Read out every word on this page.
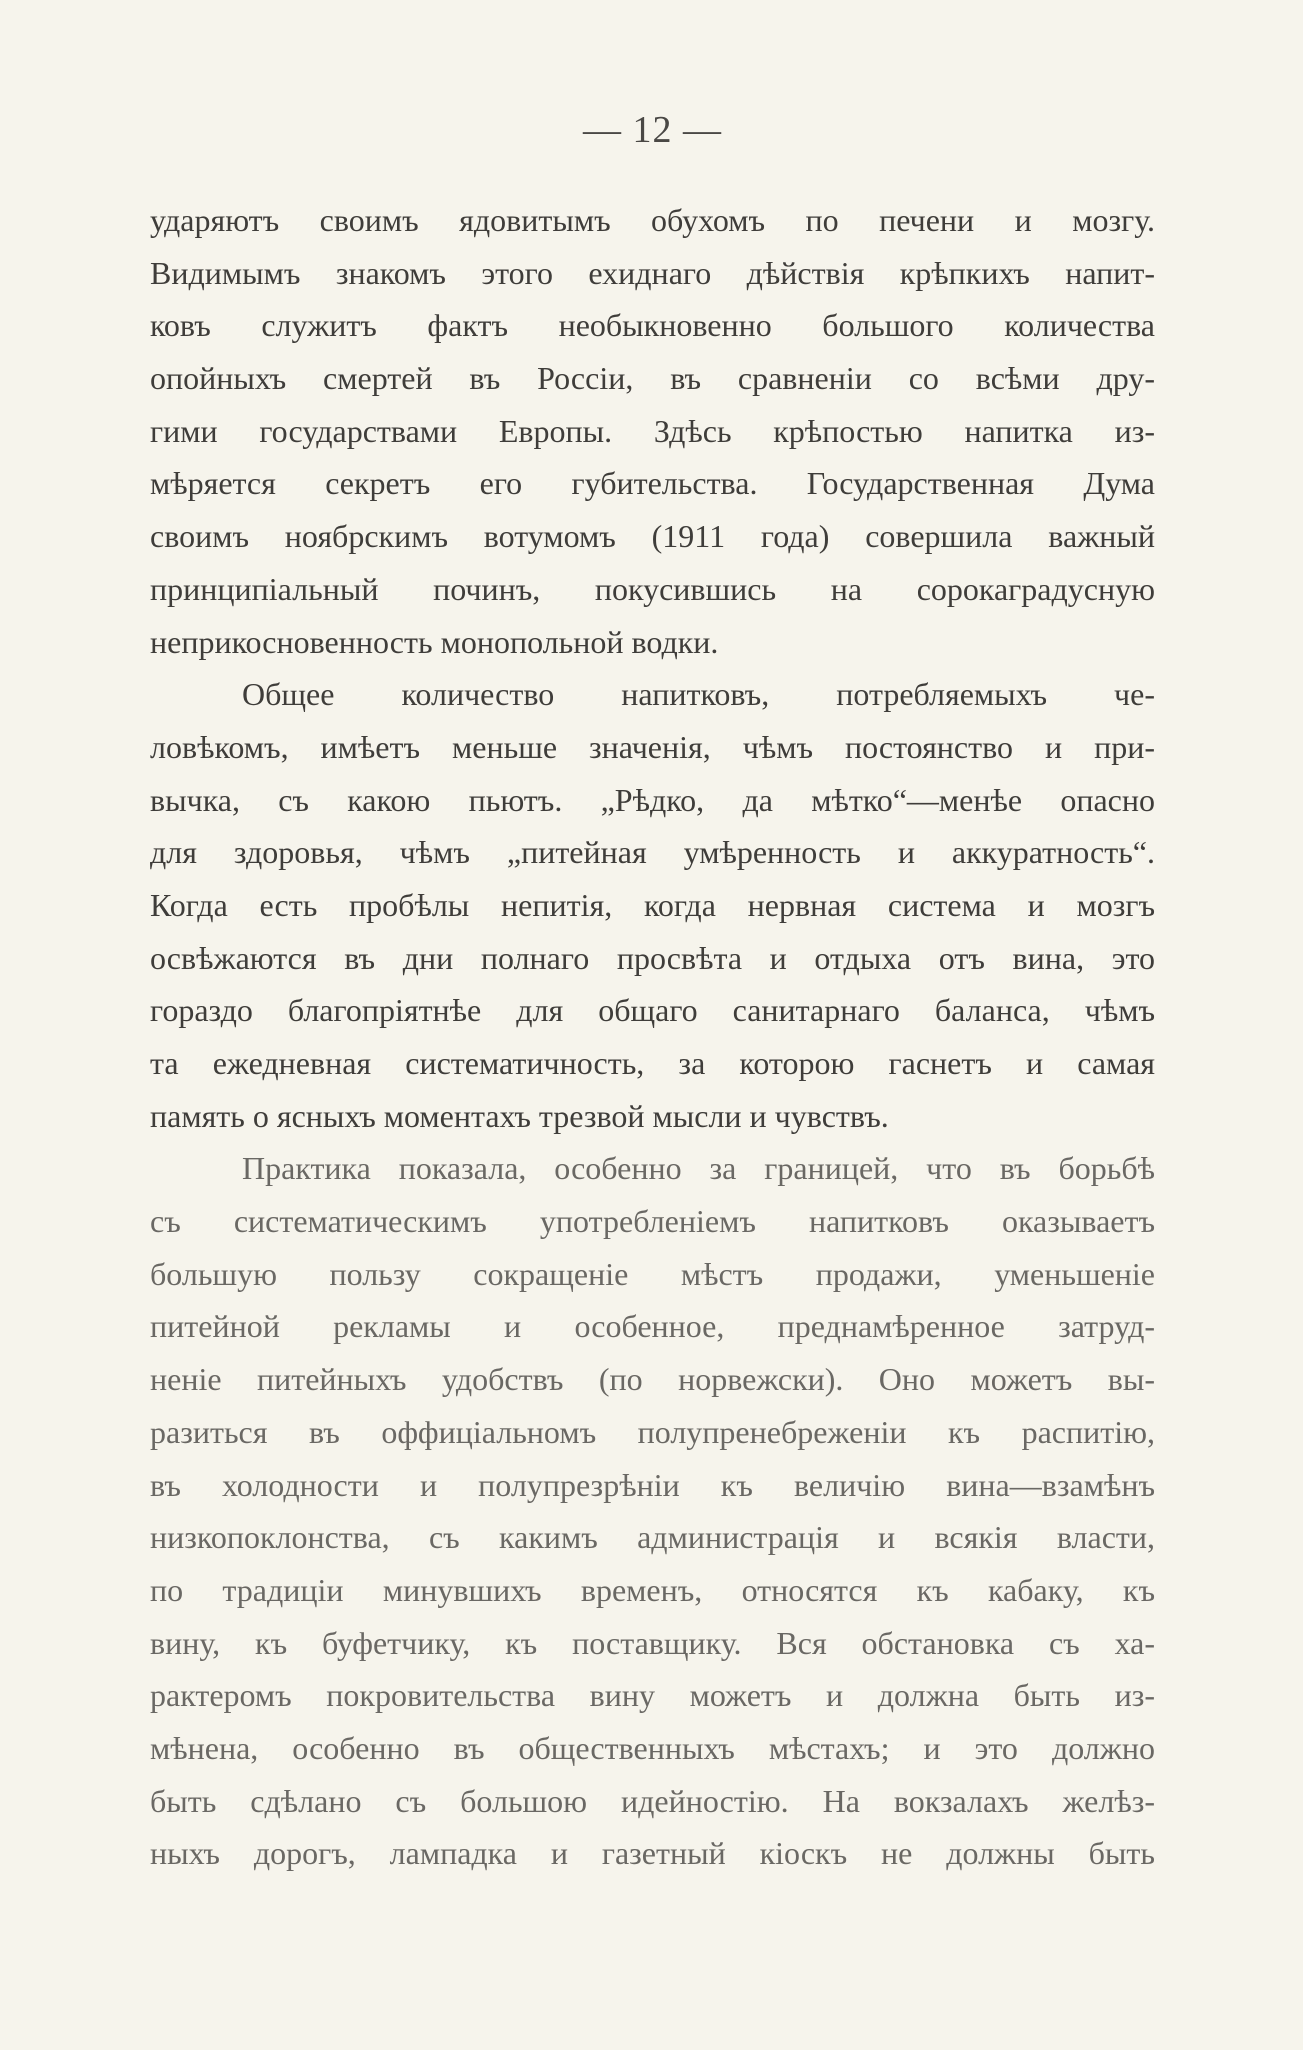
— 12 —
ударяютъ своимъ ядовитымъ обухомъ по печени и мозгу.
Видимымъ знакомъ этого ехиднаго дѣйствія крѣпкихъ напит-
ковъ служитъ фактъ необыкновенно большого количества
опойныхъ смертей въ Россіи, въ сравненіи со всѣми дру-
гими государствами Европы. Здѣсь крѣпостью напитка из-
мѣряется секретъ его губительства. Государственная Дума
своимъ ноябрскимъ вотумомъ (1911 года) совершила важный
принципіальный починъ, покусившись на сорокаградусную
неприкосновенность монопольной водки.
Общее количество напитковъ, потребляемыхъ че-
ловѣкомъ, имѣетъ меньше значенія, чѣмъ постоянство и при-
вычка, съ какою пьютъ. „Рѣдко, да мѣтко“—менѣе опасно
для здоровья, чѣмъ „питейная умѣренность и аккуратность“.
Когда есть пробѣлы непитія, когда нервная система и мозгъ
освѣжаются въ дни полнаго просвѣта и отдыха отъ вина, это
гораздо благопріятнѣе для общаго санитарнаго баланса, чѣмъ
та ежедневная систематичность, за которою гаснетъ и самая
память о ясныхъ моментахъ трезвой мысли и чувствъ.
Практика показала, особенно за границей, что въ борьбѣ
съ систематическимъ употребленіемъ напитковъ оказываетъ
большую пользу сокращеніе мѣстъ продажи, уменьшеніе
питейной рекламы и особенное, преднамѣренное затруд-
неніе питейныхъ удобствъ (по норвежски). Оно можетъ вы-
разиться въ оффиціальномъ полупренебреженіи къ распитію,
въ холодности и полупрезрѣніи къ величію вина—взамѣнъ
низкопоклонства, съ какимъ администрація и всякія власти,
по традиціи минувшихъ временъ, относятся къ кабаку, къ
вину, къ буфетчику, къ поставщику. Вся обстановка съ ха-
рактеромъ покровительства вину можетъ и должна быть из-
мѣнена, особенно въ общественныхъ мѣстахъ; и это должно
быть сдѣлано съ большою идейностію. На вокзалахъ желѣз-
ныхъ дорогъ, лампадка и газетный кіоскъ не должны быть
